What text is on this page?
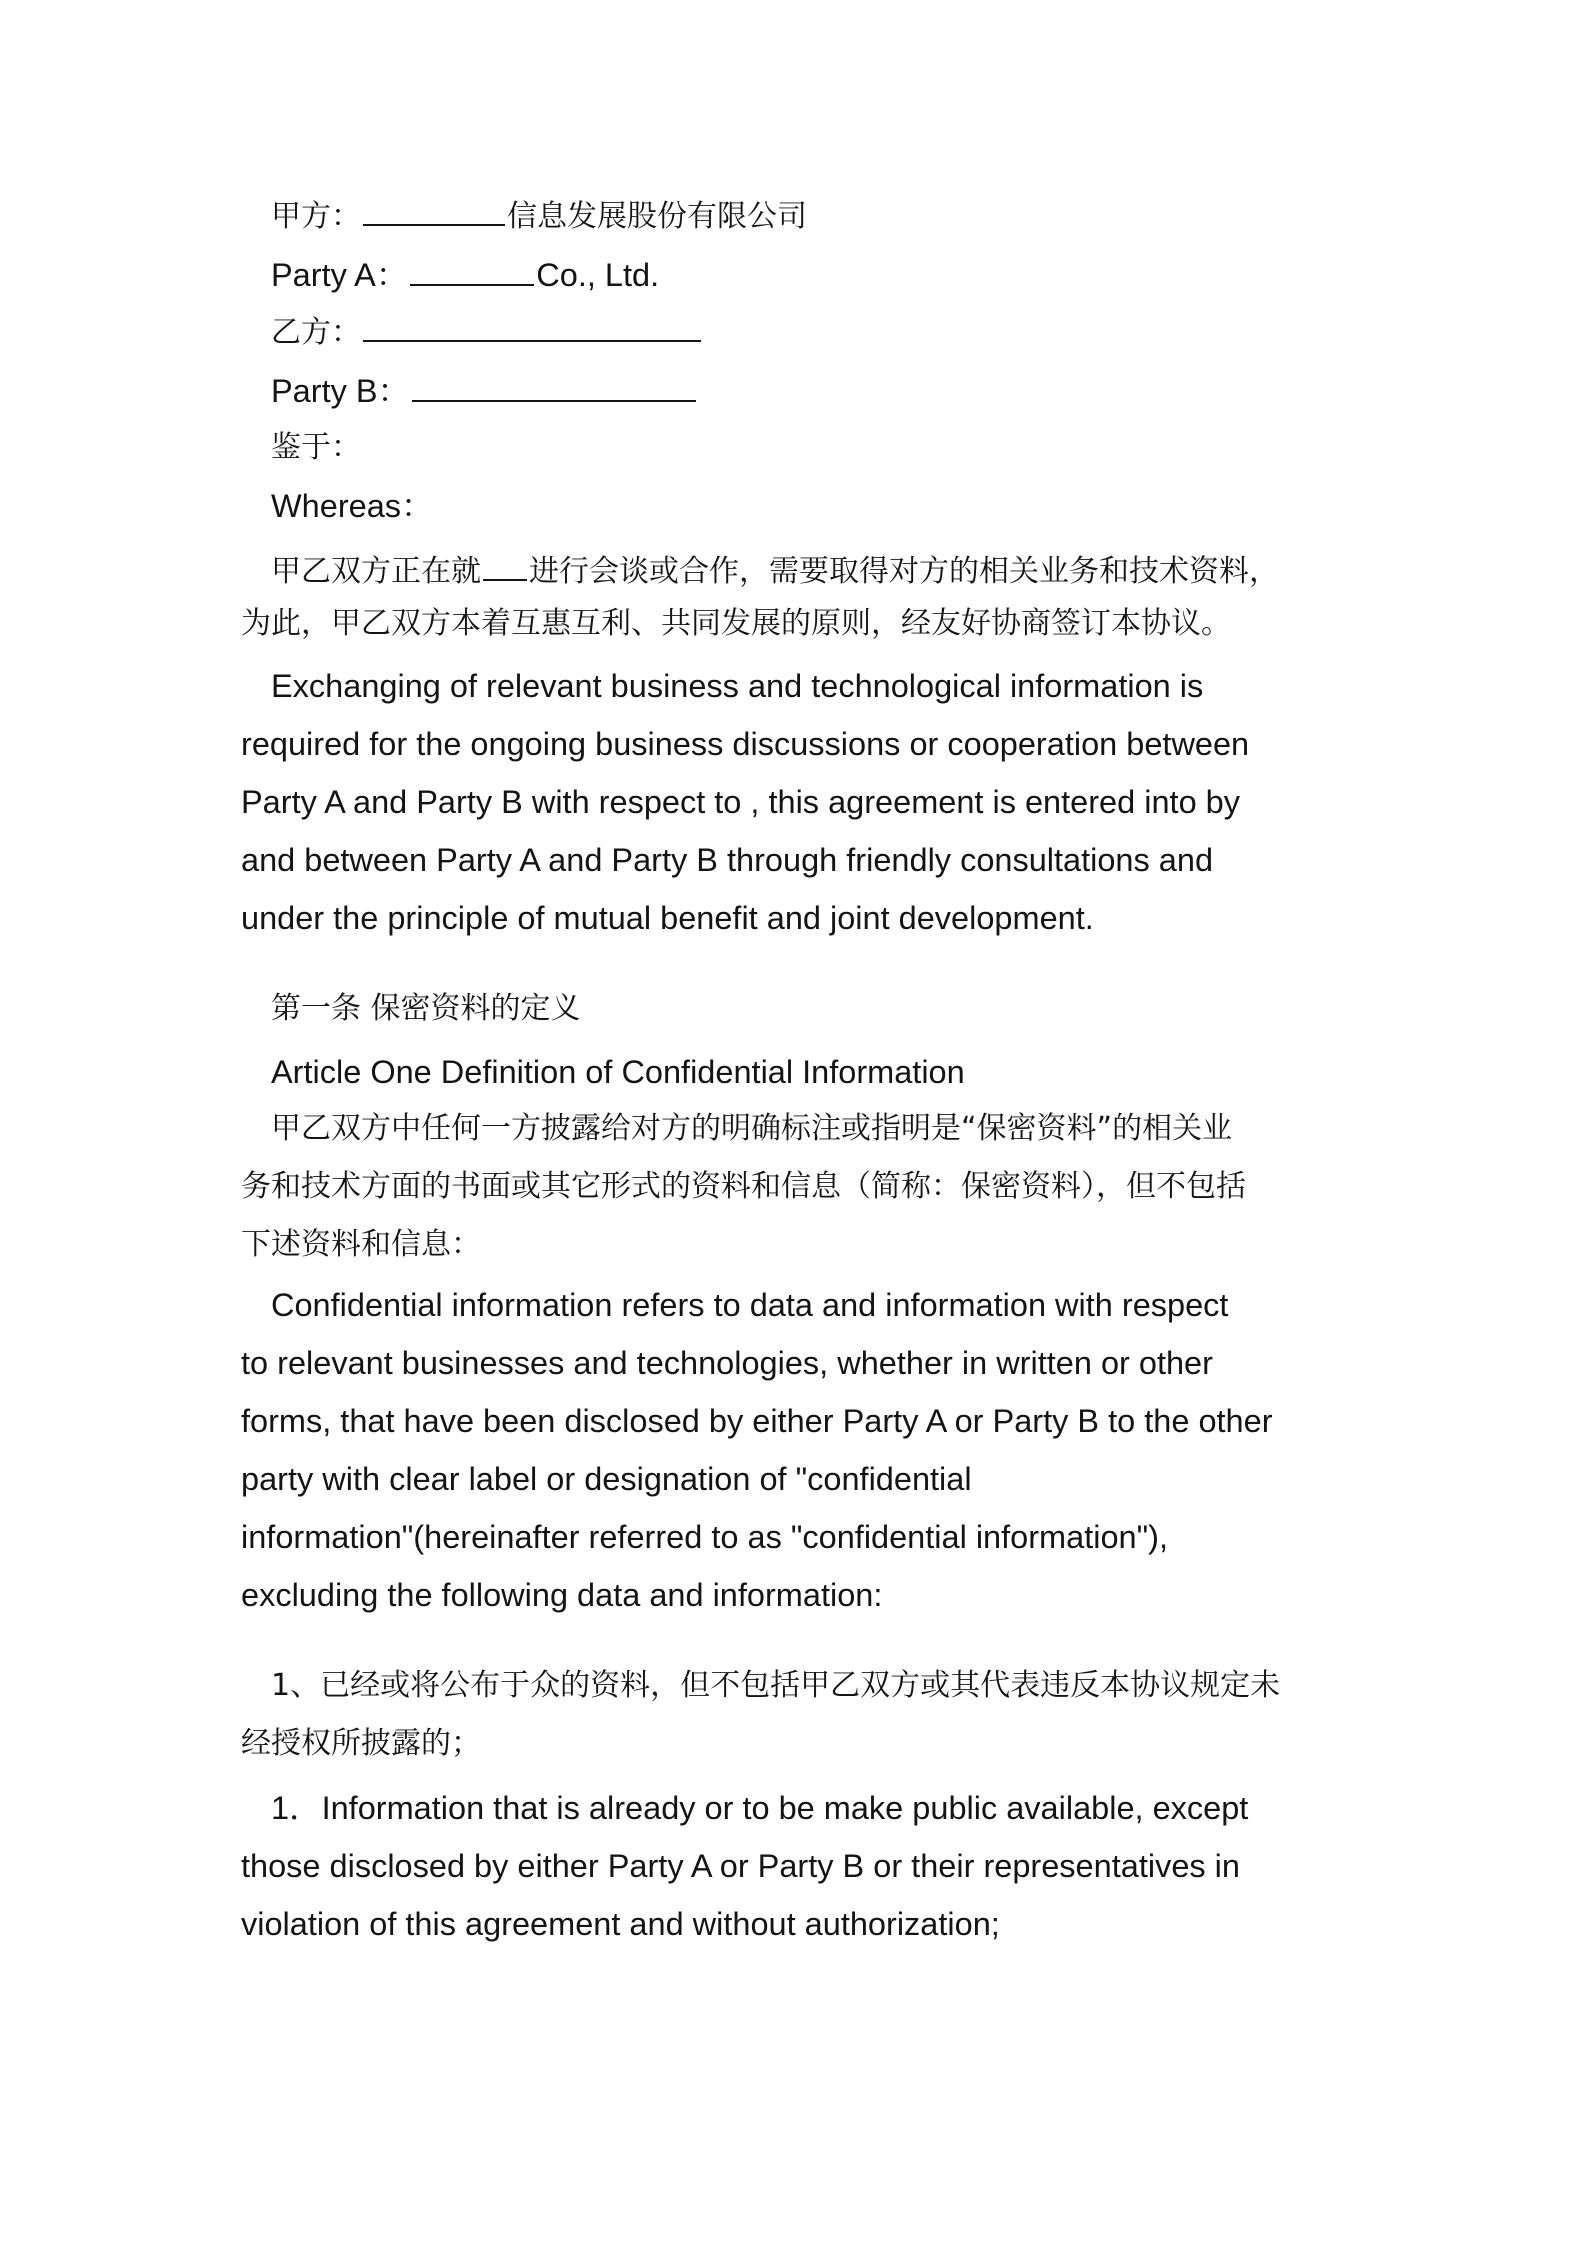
甲方：	信息发展股份有限公司
Party A：	Co., Ltd.
乙方：
Party B：
鉴于：
Whereas：
甲乙双方正在就 进行会谈或合作，需要取得对方的相关业务和技术资料，
为此，甲乙双方本着互惠互利、共同发展的原则，经友好协商签订本协议。
Exchanging of relevant business and technological information is
required for the ongoing business discussions or cooperation between
Party A and Party B with respect to , this agreement is entered into by
and between Party A and Party B through friendly consultations and
under the principle of mutual benefit and joint development.
第一条 保密资料的定义
Article One Definition of Confidential Information
甲乙双方中任何一方披露给对方的明确标注或指明是“保密资料”的相关业
务和技术方面的书面或其它形式的资料和信息（简称：保密资料），但不包括
下述资料和信息：
Confidential information refers to data and information with respect
to relevant businesses and technologies, whether in written or other
forms, that have been disclosed by either Party A or Party B to the other
party with clear label or designation of "confidential
information"(hereinafter referred to as "confidential information"),
excluding the following data and information:
1、已经或将公布于众的资料，但不包括甲乙双方或其代表违反本协议规定未
经授权所披露的；
1．Information that is already or to be make public available, except
those disclosed by either Party A or Party B or their representatives in
violation of this agreement and without authorization;
